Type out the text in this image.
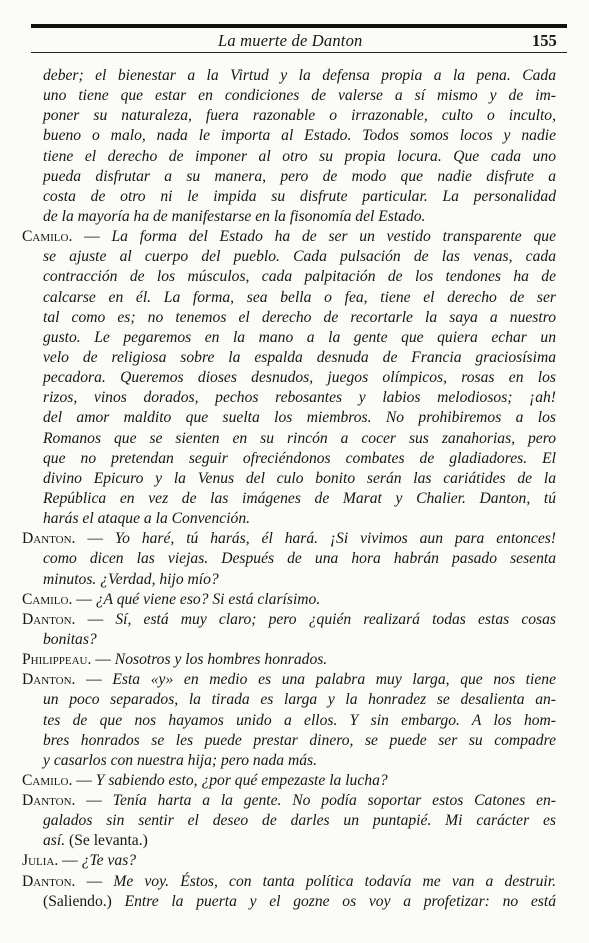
La muerte de Danton	155
deber; el bienestar a la Virtud y la defensa propia a la pena. Cada
uno tiene que estar en condiciones de valerse a sí mismo y de im-
poner su naturaleza, fuera razonable o irrazonable, culto o inculto,
bueno o malo, nada le importa al Estado. Todos somos locos y nadie
tiene el derecho de imponer al otro su propia locura. Que cada uno
pueda disfrutar a su manera, pero de modo que nadie disfrute a
costa de otro ni le impida su disfrute particular. La personalidad
de la mayoría ha de manifestarse en la fisonomía del Estado.
Camilo. — La forma del Estado ha de ser un vestido transparente que
se ajuste al cuerpo del pueblo. Cada pulsación de las venas, cada
contracción de los músculos, cada palpitación de los tendones ha de
calcarse en él. La forma, sea bella o fea, tiene el derecho de ser
tal como es; no tenemos el derecho de recortarle la saya a nuestro
gusto. Le pegaremos en la mano a la gente que quiera echar un
velo de religiosa sobre la espalda desnuda de Francia graciosísima
pecadora. Queremos dioses desnudos, juegos olímpicos, rosas en los
rizos, vinos dorados, pechos rebosantes y labios melodiosos; ¡ah!
del amor maldito que suelta los miembros. No prohibiremos a los
Romanos que se sienten en su rincón a cocer sus zanahorias, pero
que no pretendan seguir ofreciéndonos combates de gladiadores. El
divino Epicuro y la Venus del culo bonito serán las cariátides de la
República en vez de las imágenes de Marat y Chalier. Danton, tú
harás el ataque a la Convención.
Danton. — Yo haré, tú harás, él hará. ¡Si vivimos aun para entonces!
como dicen las viejas. Después de una hora habrán pasado sesenta
minutos. ¿Verdad, hijo mío?
Camilo. — ¿A qué viene eso? Si está clarísimo.
Danton. — Sí, está muy claro; pero ¿quién realizará todas estas cosas
bonitas?
Philippeau. — Nosotros y los hombres honrados.
Danton. — Esta «y» en medio es una palabra muy larga, que nos tiene
un poco separados, la tirada es larga y la honradez se desalienta an-
tes de que nos hayamos unido a ellos. Y sin embargo. A los hom-
bres honrados se les puede prestar dinero, se puede ser su compadre
y casarlos con nuestra hija; pero nada más.
Camilo. — Y sabiendo esto, ¿por qué empezaste la lucha?
Danton. — Tenía harta a la gente. No podía soportar estos Catones en-
galados sin sentir el deseo de darles un puntapié. Mi carácter es
así. (Se levanta.)
Julia. — ¿Te vas?
Danton. — Me voy. Éstos, con tanta política todavía me van a destruir.
(Saliendo.) Entre la puerta y el gozne os voy a profetizar: no está
